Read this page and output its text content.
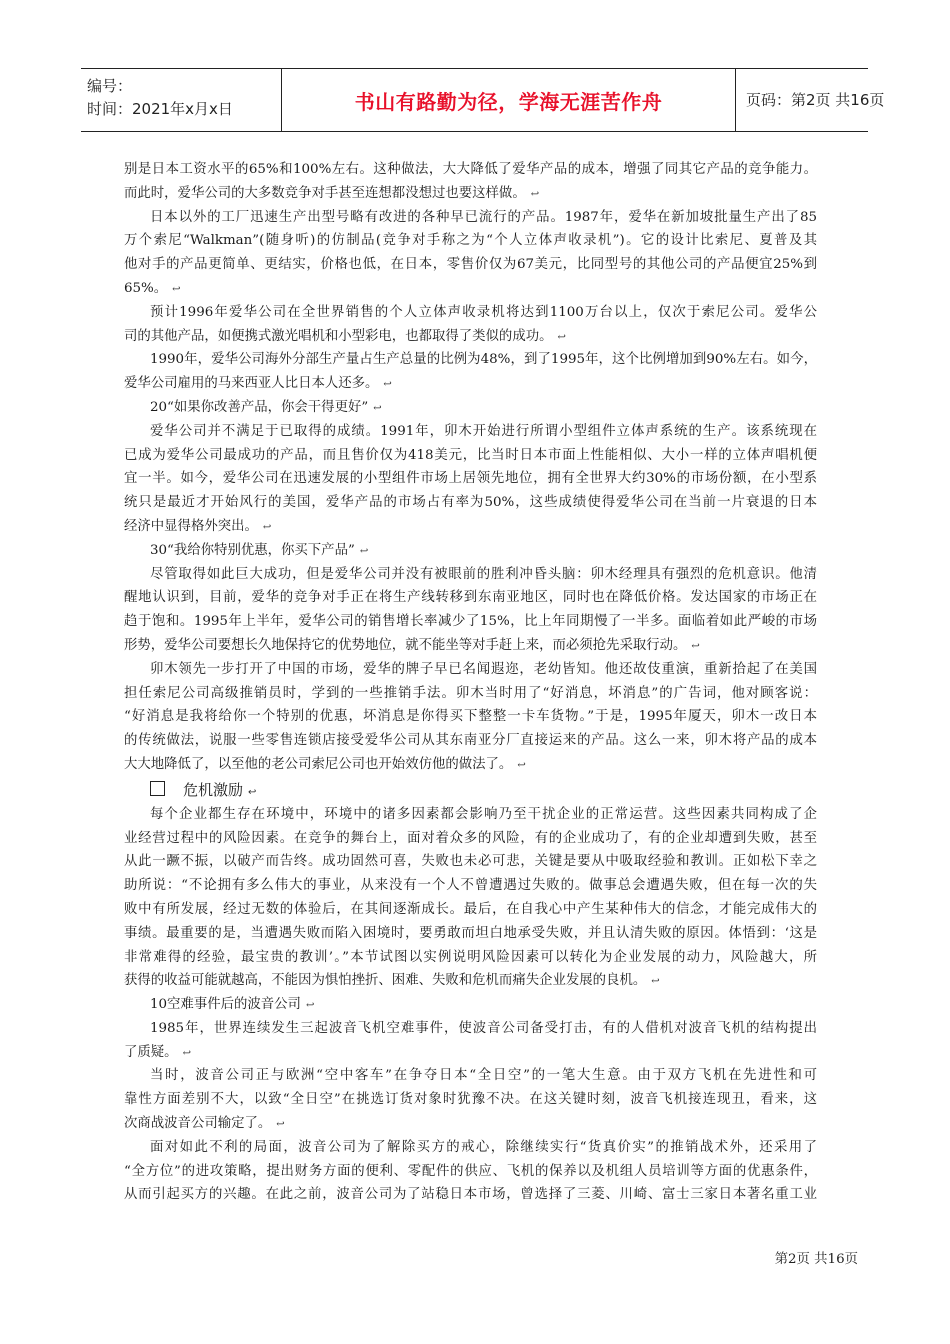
编号：
时间：2021年x月x日	书山有路勤为径，学海无涯苦作舟	页码：第2页 共16页
别是日本工资水平的65%和100%左右。这种做法，大大降低了爱华产品的成本，增强了同其它产品的竞争能力。
而此时，爱华公司的大多数竞争对手甚至连想都没想过也要这样做。 ↩
日本以外的工厂迅速生产出型号略有改进的各种早已流行的产品。1987年，爱华在新加坡批量生产出了85
万个索尼“Walkman”(随身听)的仿制品(竞争对手称之为“个人立体声收录机”)。它的设计比索尼、夏普及其
他对手的产品更简单、更结实，价格也低，在日本，零售价仅为67美元，比同型号的其他公司的产品便宜25%到
65%。 ↩
预计1996年爱华公司在全世界销售的个人立体声收录机将达到1100万台以上，仅次于索尼公司。爱华公
司的其他产品，如便携式激光唱机和小型彩电，也都取得了类似的成功。 ↩
1990年，爱华公司海外分部生产量占生产总量的比例为48%，到了1995年，这个比例增加到90%左右。如今，
爱华公司雇用的马来西亚人比日本人还多。 ↩
20“如果你改善产品，你会干得更好” ↩
爱华公司并不满足于已取得的成绩。1991年，卯木开始进行所谓小型组件立体声系统的生产。该系统现在
已成为爱华公司最成功的产品，而且售价仅为418美元，比当时日本市面上性能相似、大小一样的立体声唱机便
宜一半。如今，爱华公司在迅速发展的小型组件市场上居领先地位，拥有全世界大约30%的市场份额，在小型系
统只是最近才开始风行的美国，爱华产品的市场占有率为50%，这些成绩使得爱华公司在当前一片衰退的日本
经济中显得格外突出。 ↩
30“我给你特别优惠，你买下产品” ↩
尽管取得如此巨大成功，但是爱华公司并没有被眼前的胜利冲昏头脑：卯木经理具有强烈的危机意识。他清
醒地认识到，目前，爱华的竞争对手正在将生产线转移到东南亚地区，同时也在降低价格。发达国家的市场正在
趋于饱和。1995年上半年，爱华公司的销售增长率减少了15%，比上年同期慢了一半多。面临着如此严峻的市场
形势，爱华公司要想长久地保持它的优势地位，就不能坐等对手赶上来，而必须抢先采取行动。 ↩
卯木领先一步打开了中国的市场，爱华的牌子早已名闻遐迩，老幼皆知。他还故伎重演，重新拾起了在美国
担任索尼公司高级推销员时，学到的一些推销手法。卯木当时用了“好消息，坏消息”的广告词，他对顾客说：
“好消息是我将给你一个特别的优惠，坏消息是你得买下整整一卡车货物。”于是，1995年厦天，卯木一改日本
的传统做法，说服一些零售连锁店接受爱华公司从其东南亚分厂直接运来的产品。这么一来，卯木将产品的成本
大大地降低了，以至他的老公司索尼公司也开始效仿他的做法了。 ↩
危机激励 ↩
每个企业都生存在环境中，环境中的诸多因素都会影响乃至干扰企业的正常运营。这些因素共同构成了企
业经营过程中的风险因素。在竞争的舞台上，面对着众多的风险，有的企业成功了，有的企业却遭到失败，甚至
从此一蹶不振，以破产而告终。成功固然可喜，失败也未必可悲，关键是要从中吸取经验和教训。正如松下幸之
助所说：“不论拥有多么伟大的事业，从来没有一个人不曾遭遇过失败的。做事总会遭遇失败，但在每一次的失
败中有所发展，经过无数的体验后，在其间逐渐成长。最后，在自我心中产生某种伟大的信念，才能完成伟大的
事绩。最重要的是，当遭遇失败而陷入困境时，要勇敢而坦白地承受失败，并且认清失败的原因。体悟到：‘这是
非常难得的经验，最宝贵的教训’。”本节试图以实例说明风险因素可以转化为企业发展的动力，风险越大，所
获得的收益可能就越高，不能因为惧怕挫折、困难、失败和危机而痛失企业发展的良机。 ↩
10空难事件后的波音公司 ↩
1985年，世界连续发生三起波音飞机空难事件，使波音公司备受打击，有的人借机对波音飞机的结构提出
了质疑。 ↩
当时，波音公司正与欧洲“空中客车”在争夺日本“全日空”的一笔大生意。由于双方飞机在先进性和可
靠性方面差别不大，以致“全日空”在挑选订货对象时犹豫不决。在这关键时刻，波音飞机接连现丑，看来，这
次商战波音公司输定了。 ↩
面对如此不利的局面，波音公司为了解除买方的戒心，除继续实行“货真价实”的推销战术外，还采用了
“全方位”的进攻策略，提出财务方面的便利、零配件的供应、飞机的保养以及机组人员培训等方面的优惠条件，
从而引起买方的兴趣。在此之前，波音公司为了站稳日本市场，曾选择了三菱、川崎、富士三家日本著名重工业
第2页 共16页
